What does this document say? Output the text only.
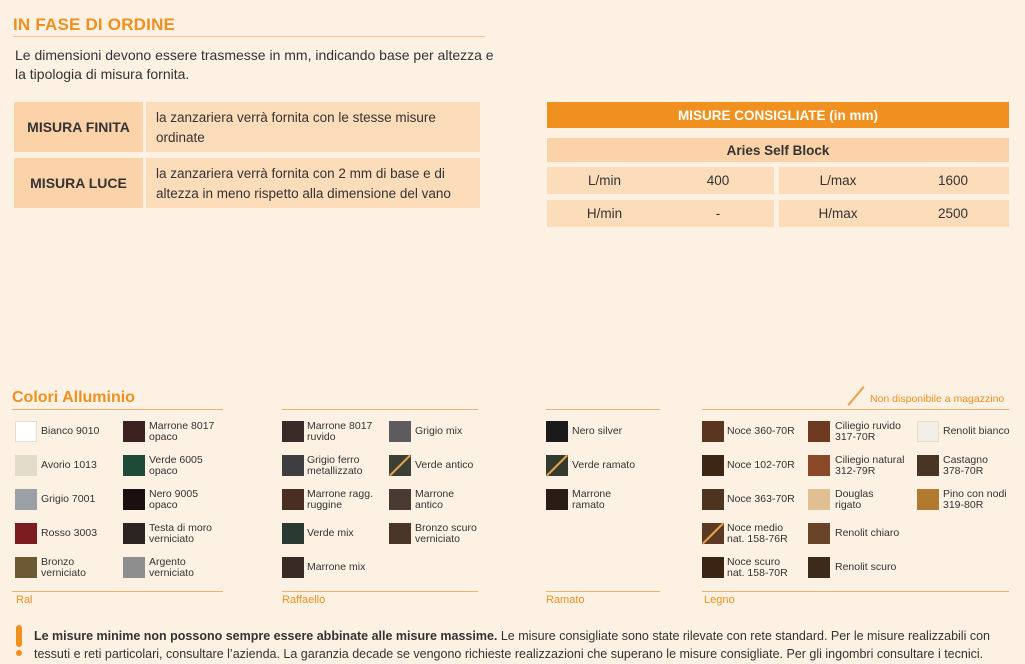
IN FASE DI ORDINE
Le dimensioni devono essere trasmesse in mm, indicando base per altezza e la tipologia di misura fornita.
MISURA FINITA
la zanzariera verrà fornita con le stesse misure ordinate
MISURA LUCE
la zanzariera verrà fornita con 2 mm di base e di altezza in meno rispetto alla dimensione del vano
MISURE CONSIGLIATE (in mm)
Aries Self Block
L/min	400	L/max	1600
H/min	-	H/max	2500
Colori Alluminio	Non disponibile a magazzino
Bianco 9010
Avorio 1013
Grigio 7001
Rosso 3003
Bronzo
verniciato
Marrone 8017
opaco
Verde 6005
opaco
Nero 9005
opaco
Testa di moro
verniciato
Argento
verniciato
Marrone 8017
ruvido
Grigio ferro
metallizzato
Marrone ragg.
ruggine
Verde mix
Marrone mix
Grigio mix
Verde antico
Marrone
antico
Bronzo scuro
verniciato
Nero silver
Verde ramato
Marrone
ramato
Noce 360-70R
Noce 102-70R
Noce 363-70R
Noce medio
nat. 158-76R
Noce scuro
nat. 158-70R
Ciliegio ruvido
317-70R
Ciliegio natural
312-79R
Douglas
rigato
Renolit chiaro
Renolit scuro
Renolit bianco
Castagno
378-70R
Pino con nodi
319-80R
Ral	Raffaello	Ramato	Legno
Le misure minime non possono sempre essere abbinate alle misure massime. Le misure consigliate sono state rilevate con rete standard. Per le misure realizzabili con tessuti e reti particolari, consultare l’azienda. La garanzia decade se vengono richieste realizzazioni che superano le misure consigliate. Per gli ingombri consultare i tecnici.
